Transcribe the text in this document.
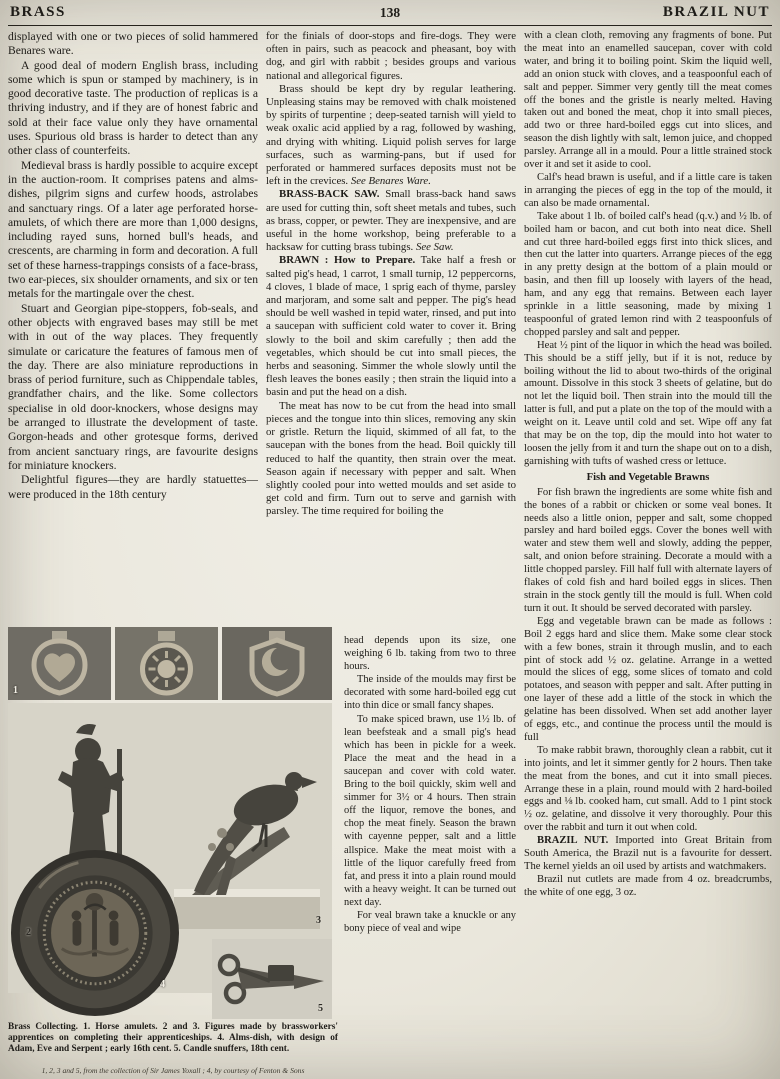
BRASS	138	BRAZIL NUT

displayed with one or two pieces of solid hammered Benares ware.

A good deal of modern English brass, including some which is spun or stamped by machinery, is in good decorative taste. The production of replicas is a thriving industry, and if they are of honest fabric and sold at their face value only they have ornamental uses. Spurious old brass is harder to detect than any other class of counterfeits.

Medieval brass is hardly possible to acquire except in the auction-room. It comprises patens and alms-dishes, pilgrim signs and curfew hoods, astrolabes and sanctuary rings. Of a later age perforated horse-amulets, of which there are more than 1,000 designs, including rayed suns, horned bull's heads, and crescents, are charming in form and decoration. A full set of these harness-trappings consists of a face-brass, two ear-pieces, six shoulder ornaments, and six or ten metals for the martingale over the chest.

Stuart and Georgian pipe-stoppers, fob-seals, and other objects with engraved bases may still be met with in out of the way places. They frequently simulate or caricature the features of famous men of the day. There are also miniature reproductions in brass of period furniture, such as Chippendale tables, grandfather chairs, and the like. Some collectors specialise in old door-knockers, whose designs may be arranged to illustrate the development of taste. Gorgon-heads and other grotesque forms, derived from ancient sanctuary rings, are favourite designs for miniature knockers.

Delightful figures—they are hardly statuettes—were produced in the 18th century

for the finials of door-stops and fire-dogs. They were often in pairs, such as peacock and pheasant, boy with dog, and girl with rabbit ; besides groups and various national and allegorical figures.

Brass should be kept dry by regular leathering. Unpleasing stains may be removed with chalk moistened by spirits of turpentine ; deep-seated tarnish will yield to weak oxalic acid applied by a rag, followed by washing, and drying with whiting. Liquid polish serves for large surfaces, such as warming-pans, but if used for perforated or hammered surfaces deposits must not be left in the crevices. See Benares Ware.

BRASS-BACK SAW. Small brass-back hand saws are used for cutting thin, soft sheet metals and tubes, such as brass, copper, or pewter. They are inexpensive, and are useful in the home workshop, being preferable to a hacksaw for cutting brass tubings. See Saw.

BRAWN : How to Prepare. Take half a fresh or salted pig's head, 1 carrot, 1 small turnip, 12 peppercorns, 4 cloves, 1 blade of mace, 1 sprig each of thyme, parsley and marjoram, and some salt and pepper. The pig's head should be well washed in tepid water, rinsed, and put into a saucepan with sufficient cold water to cover it. Bring slowly to the boil and skim carefully ; then add the vegetables, which should be cut into small pieces, the herbs and seasoning. Simmer the whole slowly until the flesh leaves the bones easily ; then strain the liquid into a basin and put the head on a dish.

The meat has now to be cut from the head into small pieces and the tongue into thin slices, removing any skin or gristle. Return the liquid, skimmed of all fat, to the saucepan with the bones from the head. Boil quickly till reduced to half the quantity, then strain over the meat. Season again if necessary with pepper and salt. When slightly cooled pour into wetted moulds and set aside to get cold and firm. Turn out to serve and garnish with parsley. The time required for boiling the

head depends upon its size, one weighing 6 lb. taking from two to three hours.

The inside of the moulds may first be decorated with some hard-boiled egg cut into thin dice or small fancy shapes.

To make spiced brawn, use 1½ lb. of lean beefsteak and a small pig's head which has been in pickle for a week. Place the meat and the head in a saucepan and cover with cold water. Bring to the boil quickly, skim well and simmer for 3½ or 4 hours. Then strain off the liquor, remove the bones, and chop the meat finely. Season the brawn with cayenne pepper, salt and a little allspice. Make the meat moist with a little of the liquor carefully freed from fat, and press it into a plain round mould with a heavy weight. It can be turned out next day.

For veal brawn take a knuckle or any bony piece of veal and wipe

with a clean cloth, removing any fragments of bone. Put the meat into an enamelled saucepan, cover with cold water, and bring it to boiling point. Skim the liquid well, add an onion stuck with cloves, and a teaspoonful each of salt and pepper. Simmer very gently till the meat comes off the bones and the gristle is nearly melted. Having taken out and boned the meat, chop it into small pieces, add two or three hard-boiled eggs cut into slices, and season the dish lightly with salt, lemon juice, and chopped parsley. Arrange all in a mould. Pour a little strained stock over it and set it aside to cool.

Calf's head brawn is useful, and if a little care is taken in arranging the pieces of egg in the top of the mould, it can also be made ornamental.

Take about 1 lb. of boiled calf's head (q.v.) and ½ lb. of boiled ham or bacon, and cut both into neat dice. Shell and cut three hard-boiled eggs first into thick slices, and then cut the latter into quarters. Arrange pieces of the egg in any pretty design at the bottom of a plain mould or basin, and then fill up loosely with layers of the head, ham, and any egg that remains. Between each layer sprinkle in a little seasoning, made by mixing 1 teaspoonful of grated lemon rind with 2 teaspoonfuls of chopped parsley and salt and pepper.

Heat ½ pint of the liquor in which the head was boiled. This should be a stiff jelly, but if it is not, reduce by boiling without the lid to about two-thirds of the original amount. Dissolve in this stock 3 sheets of gelatine, but do not let the liquid boil. Then strain into the mould till the latter is full, and put a plate on the top of the mould with a weight on it. Leave until cold and set. Wipe off any fat that may be on the top, dip the mould into hot water to loosen the jelly from it and turn the shape out on to a dish, garnishing with tufts of washed cress or lettuce.

Fish and Vegetable Brawns

For fish brawn the ingredients are some white fish and the bones of a rabbit or chicken or some veal bones. It needs also a little onion, pepper and salt, some chopped parsley and hard boiled eggs. Cover the bones well with water and stew them well and slowly, adding the pepper, salt, and onion before straining. Decorate a mould with a little chopped parsley. Fill half full with alternate layers of flakes of cold fish and hard boiled eggs in slices. Then strain in the stock gently till the mould is full. When cold turn it out. It should be served decorated with parsley.

Egg and vegetable brawn can be made as follows : Boil 2 eggs hard and slice them. Make some clear stock with a few bones, strain it through muslin, and to each pint of stock add ½ oz. gelatine. Arrange in a wetted mould the slices of egg, some slices of tomato and cold potatoes, and season with pepper and salt. After putting in one layer of these add a little of the stock in which the gelatine has been dissolved. When set add another layer of eggs, etc., and continue the process until the mould is full

To make rabbit brawn, thoroughly clean a rabbit, cut it into joints, and let it simmer gently for 2 hours. Then take the meat from the bones, and cut it into small pieces. Arrange these in a plain, round mould with 2 hard-boiled eggs and ⅛ lb. cooked ham, cut small. Add to 1 pint stock ½ oz. gelatine, and dissolve it very thoroughly. Pour this over the rabbit and turn it out when cold.

BRAZIL NUT. Imported into Great Britain from South America, the Brazil nut is a favourite for dessert. The kernel yields an oil used by artists and watchmakers.

Brazil nut cutlets are made from 4 oz. breadcrumbs, the white of one egg, 3 oz.

1
2
3
4
5
Brass Collecting. 1. Horse amulets. 2 and 3. Figures made by brassworkers' apprentices on completing their apprenticeships. 4. Alms-dish, with design of Adam, Eve and Serpent ; early 16th cent. 5. Candle snuffers, 18th cent.
1, 2, 3 and 5, from the collection of Sir James Yoxall ; 4, by courtesy of Fenton & Sons
